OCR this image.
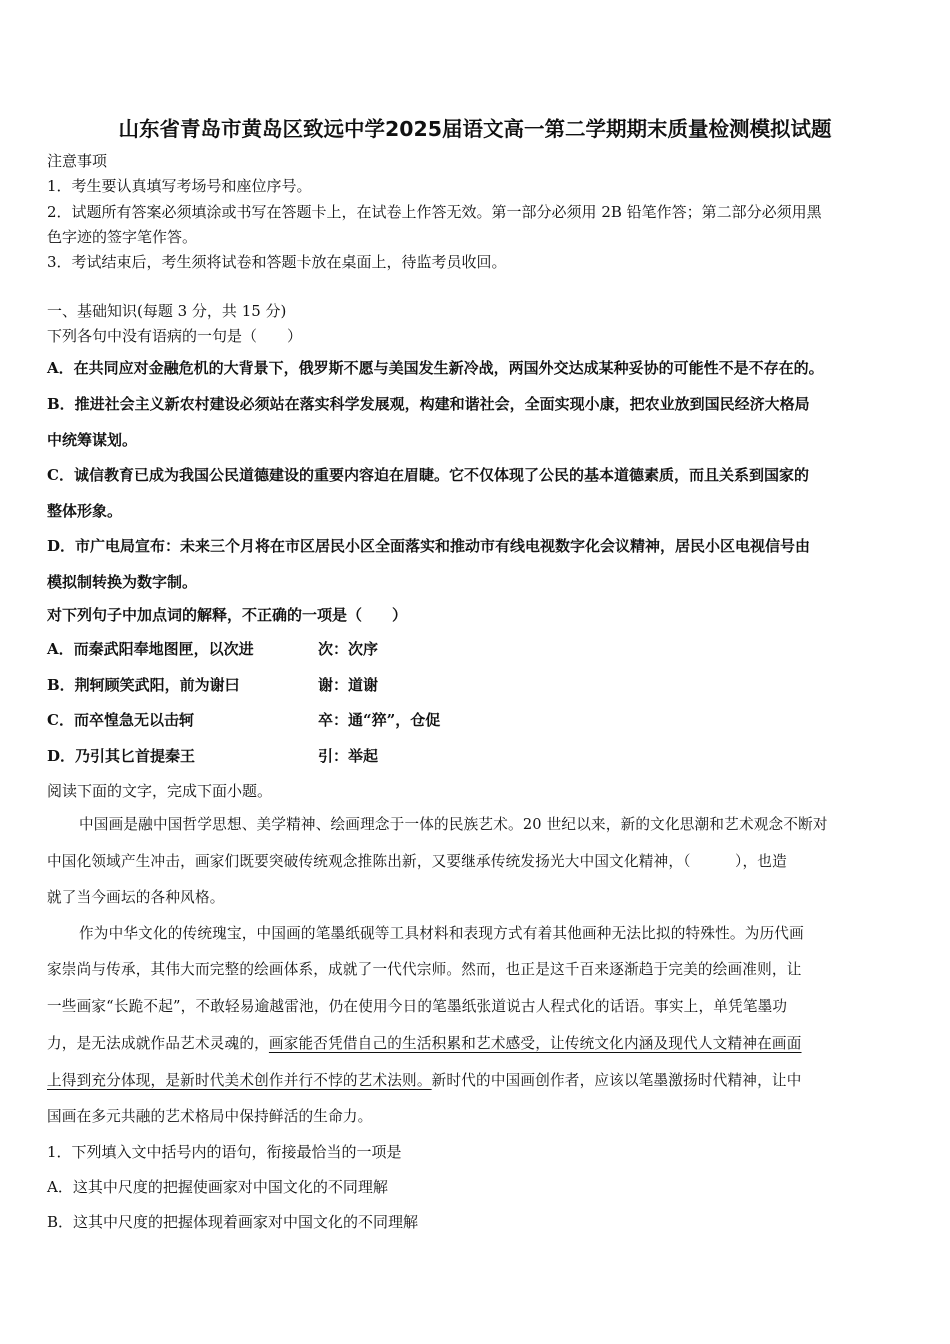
山东省青岛市黄岛区致远中学2025届语文高一第二学期期末质量检测模拟试题
注意事项
1．考生要认真填写考场号和座位序号。
2．试题所有答案必须填涂或书写在答题卡上，在试卷上作答无效。第一部分必须用 2B 铅笔作答；第二部分必须用黑
色字迹的签字笔作答。
3．考试结束后，考生须将试卷和答题卡放在桌面上，待监考员收回。
一、基础知识(每题 3 分，共 15 分)
下列各句中没有语病的一句是（　　）
A．在共同应对金融危机的大背景下，俄罗斯不愿与美国发生新冷战，两国外交达成某种妥协的可能性不是不存在的。
B．推进社会主义新农村建设必须站在落实科学发展观，构建和谐社会，全面实现小康，把农业放到国民经济大格局
中统筹谋划。
C．诚信教育已成为我国公民道德建设的重要内容迫在眉睫。它不仅体现了公民的基本道德素质，而且关系到国家的
整体形象。
D．市广电局宣布：未来三个月将在市区居民小区全面落实和推动市有线电视数字化会议精神，居民小区电视信号由
模拟制转换为数字制。
对下列句子中加点词的解释，不正确的一项是（　　）
A．而秦武阳奉地图匣，以次进	次：次序
B．荆轲顾笑武阳，前为谢曰	谢：道谢
C．而卒惶急无以击轲	卒：通“猝”，仓促
D．乃引其匕首提秦王	引：举起
阅读下面的文字，完成下面小题。
中国画是融中国哲学思想、美学精神、绘画理念于一体的民族艺术。20 世纪以来，新的文化思潮和艺术观念不断对
中国化领域产生冲击，画家们既要突破传统观念推陈出新，又要继承传统发扬光大中国文化精神，（　　　），也造
就了当今画坛的各种风格。
作为中华文化的传统瑰宝，中国画的笔墨纸砚等工具材料和表现方式有着其他画种无法比拟的特殊性。为历代画
家崇尚与传承，其伟大而完整的绘画体系，成就了一代代宗师。然而，也正是这千百来逐渐趋于完美的绘画准则，让
一些画家“长跪不起”，不敢轻易逾越雷池，仍在使用今日的笔墨纸张道说古人程式化的话语。事实上，单凭笔墨功
力，是无法成就作品艺术灵魂的，画家能否凭借自己的生活积累和艺术感受，让传统文化内涵及现代人文精神在画面
上得到充分体现，是新时代美术创作并行不悖的艺术法则。新时代的中国画创作者，应该以笔墨激扬时代精神，让中
国画在多元共融的艺术格局中保持鲜活的生命力。
1．下列填入文中括号内的语句，衔接最恰当的一项是
A．这其中尺度的把握使画家对中国文化的不同理解
B．这其中尺度的把握体现着画家对中国文化的不同理解
